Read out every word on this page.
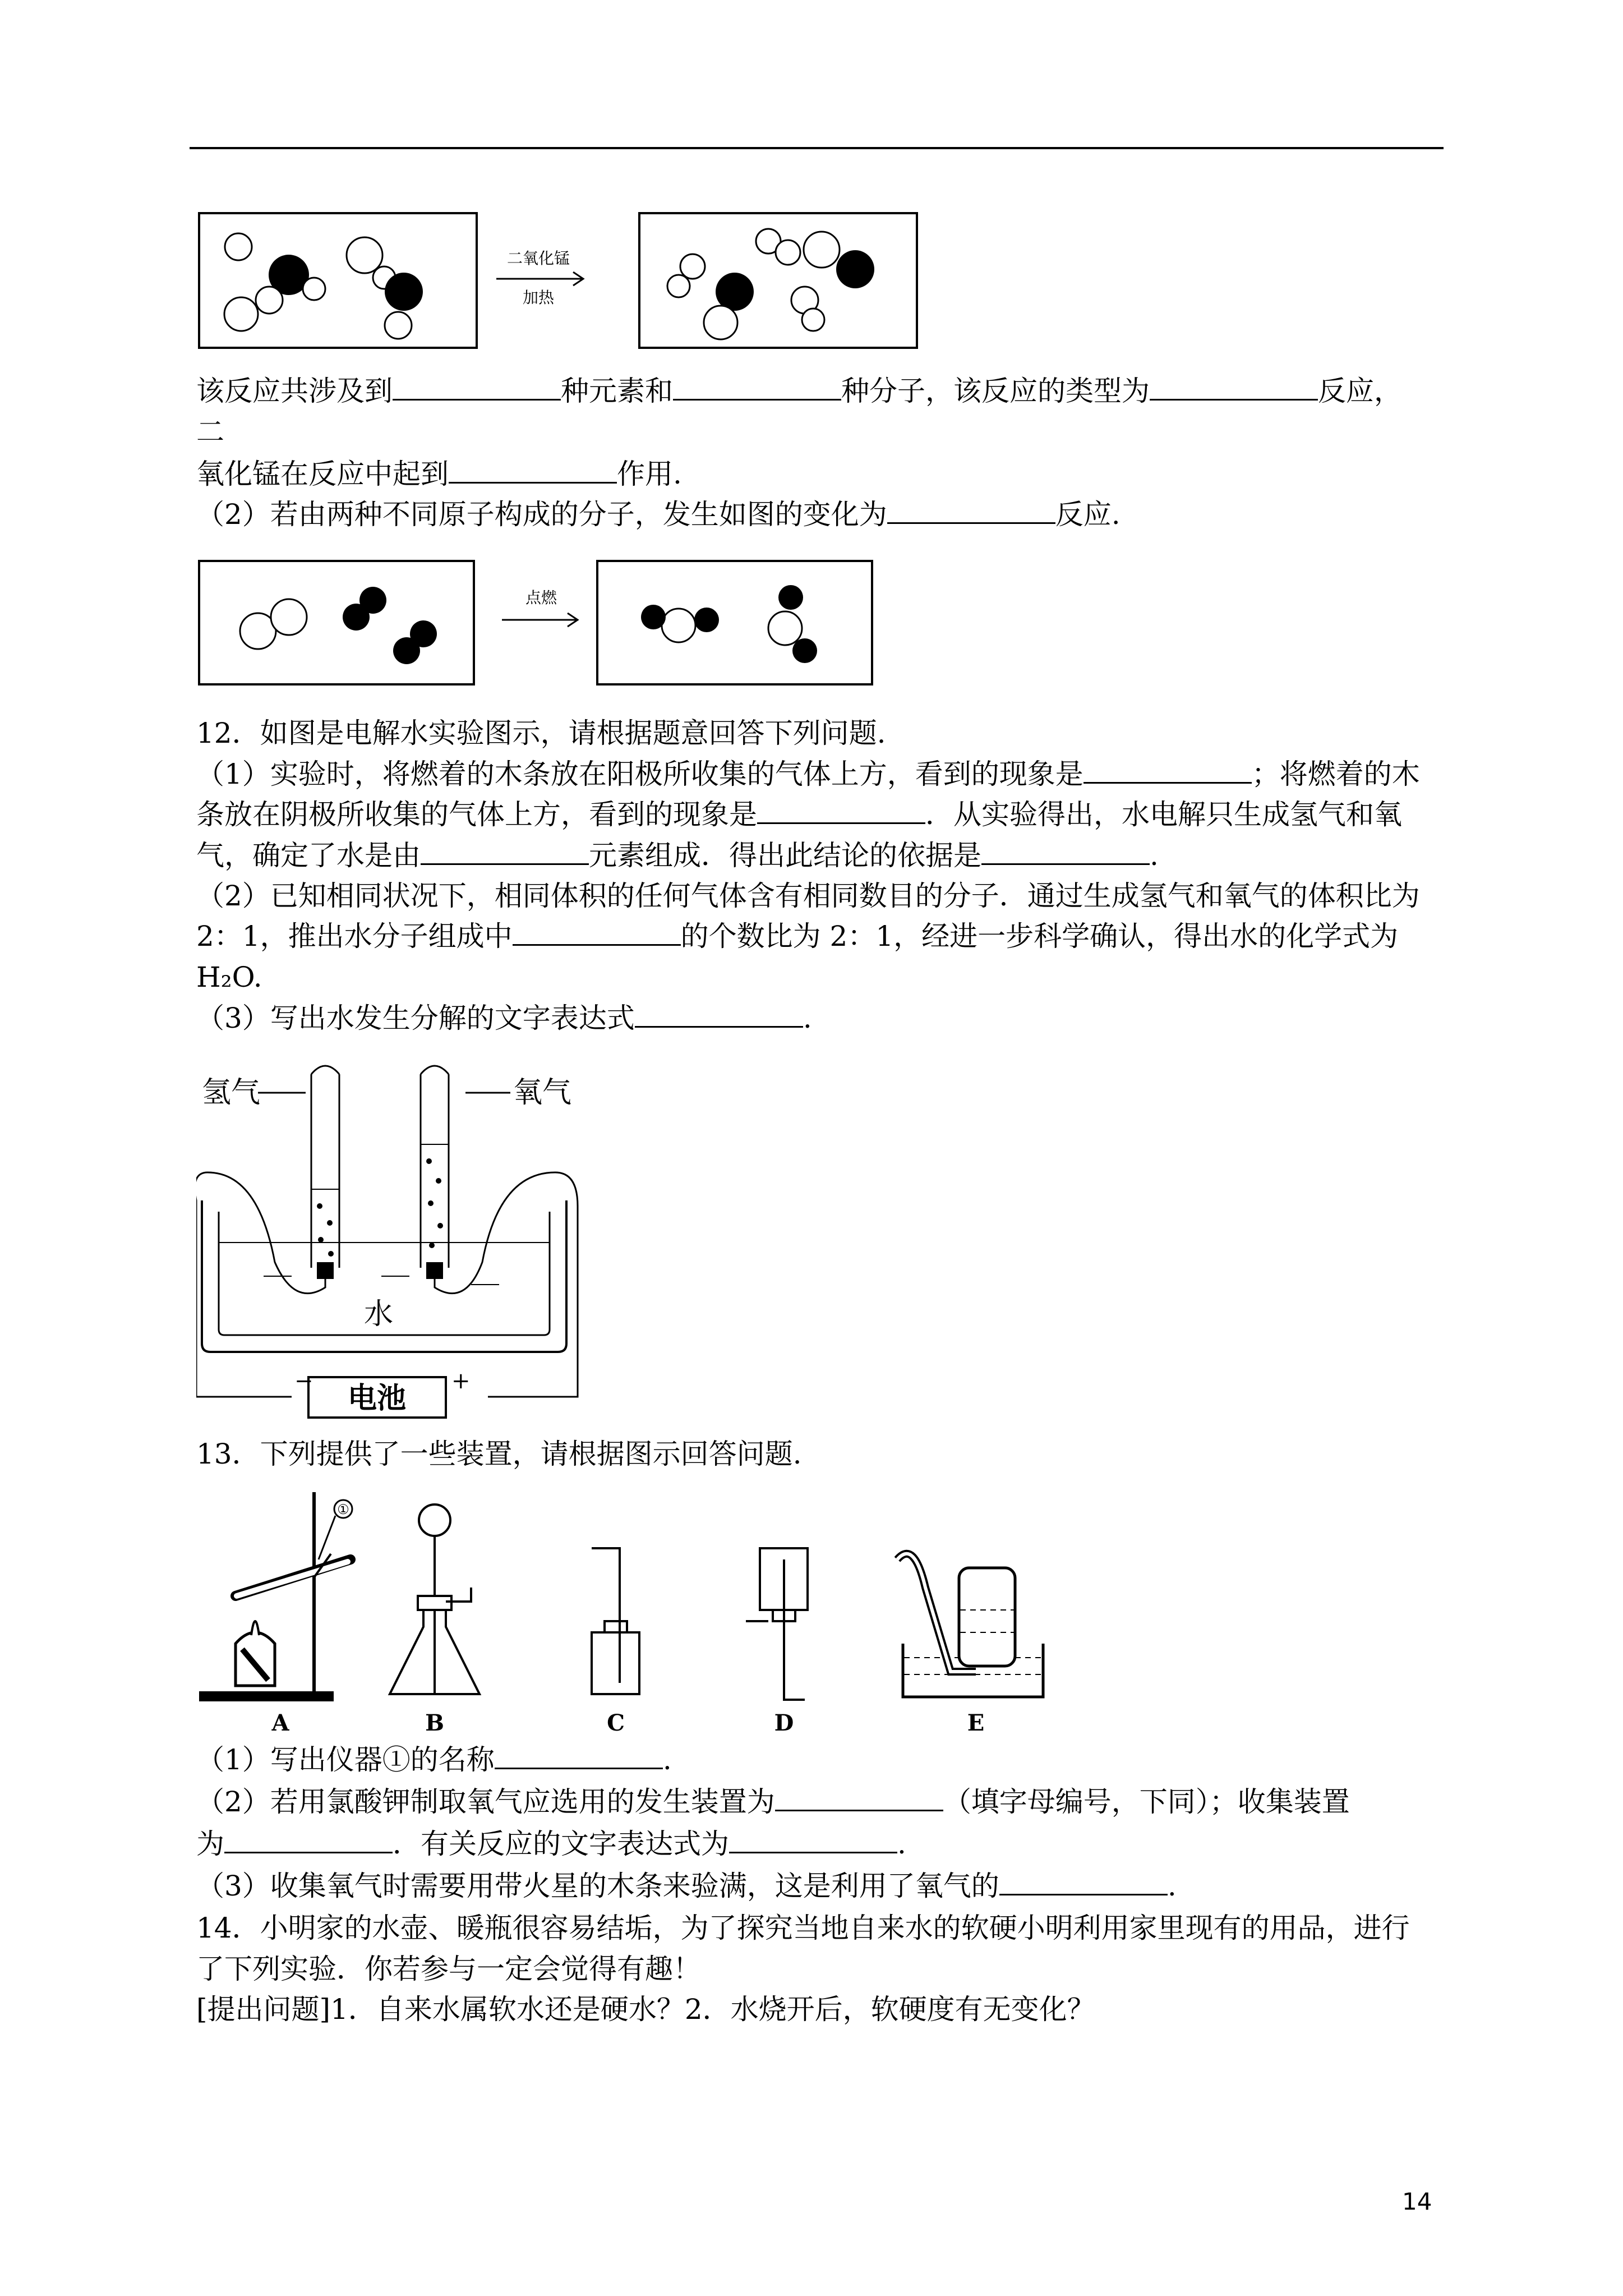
二氧化锰
加热
该反应共涉及到	种元素和	种分子，该反应的类型为	反应，
二
氧化锰在反应中起到	作用.
（2）若由两种不同原子构成的分子，发生如图的变化为	反应.
点燃
12．如图是电解水实验图示，请根据题意回答下列问题.
（1）实验时，将燃着的木条放在阳极所收集的气体上方，看到的现象是	；将燃着的木
条放在阴极所收集的气体上方，看到的现象是	．从实验得出，水电解只生成氢气和氧
气，确定了水是由	元素组成．得出此结论的依据是	.
（2）已知相同状况下，相同体积的任何气体含有相同数目的分子．通过生成氢气和氧气的体积比为
2：1，推出水分子组成中	的个数比为 2：1，经进一步科学确认，得出水的化学式为
H₂O.
（3）写出水发生分解的文字表达式	.
氢气	氧气
水
电池
−	+
13．下列提供了一些装置，请根据图示回答问题.
①
A	B	C	D	E
（1）写出仪器①的名称	.
（2）若用氯酸钾制取氧气应选用的发生装置为	（填字母编号，下同）；收集装置
为	．有关反应的文字表达式为	.
（3）收集氧气时需要用带火星的木条来验满，这是利用了氧气的	.
14．小明家的水壶、暖瓶很容易结垢，为了探究当地自来水的软硬小明利用家里现有的用品，进行
了下列实验．你若参与一定会觉得有趣！
[提出问题]1．自来水属软水还是硬水？2．水烧开后，软硬度有无变化？
14
